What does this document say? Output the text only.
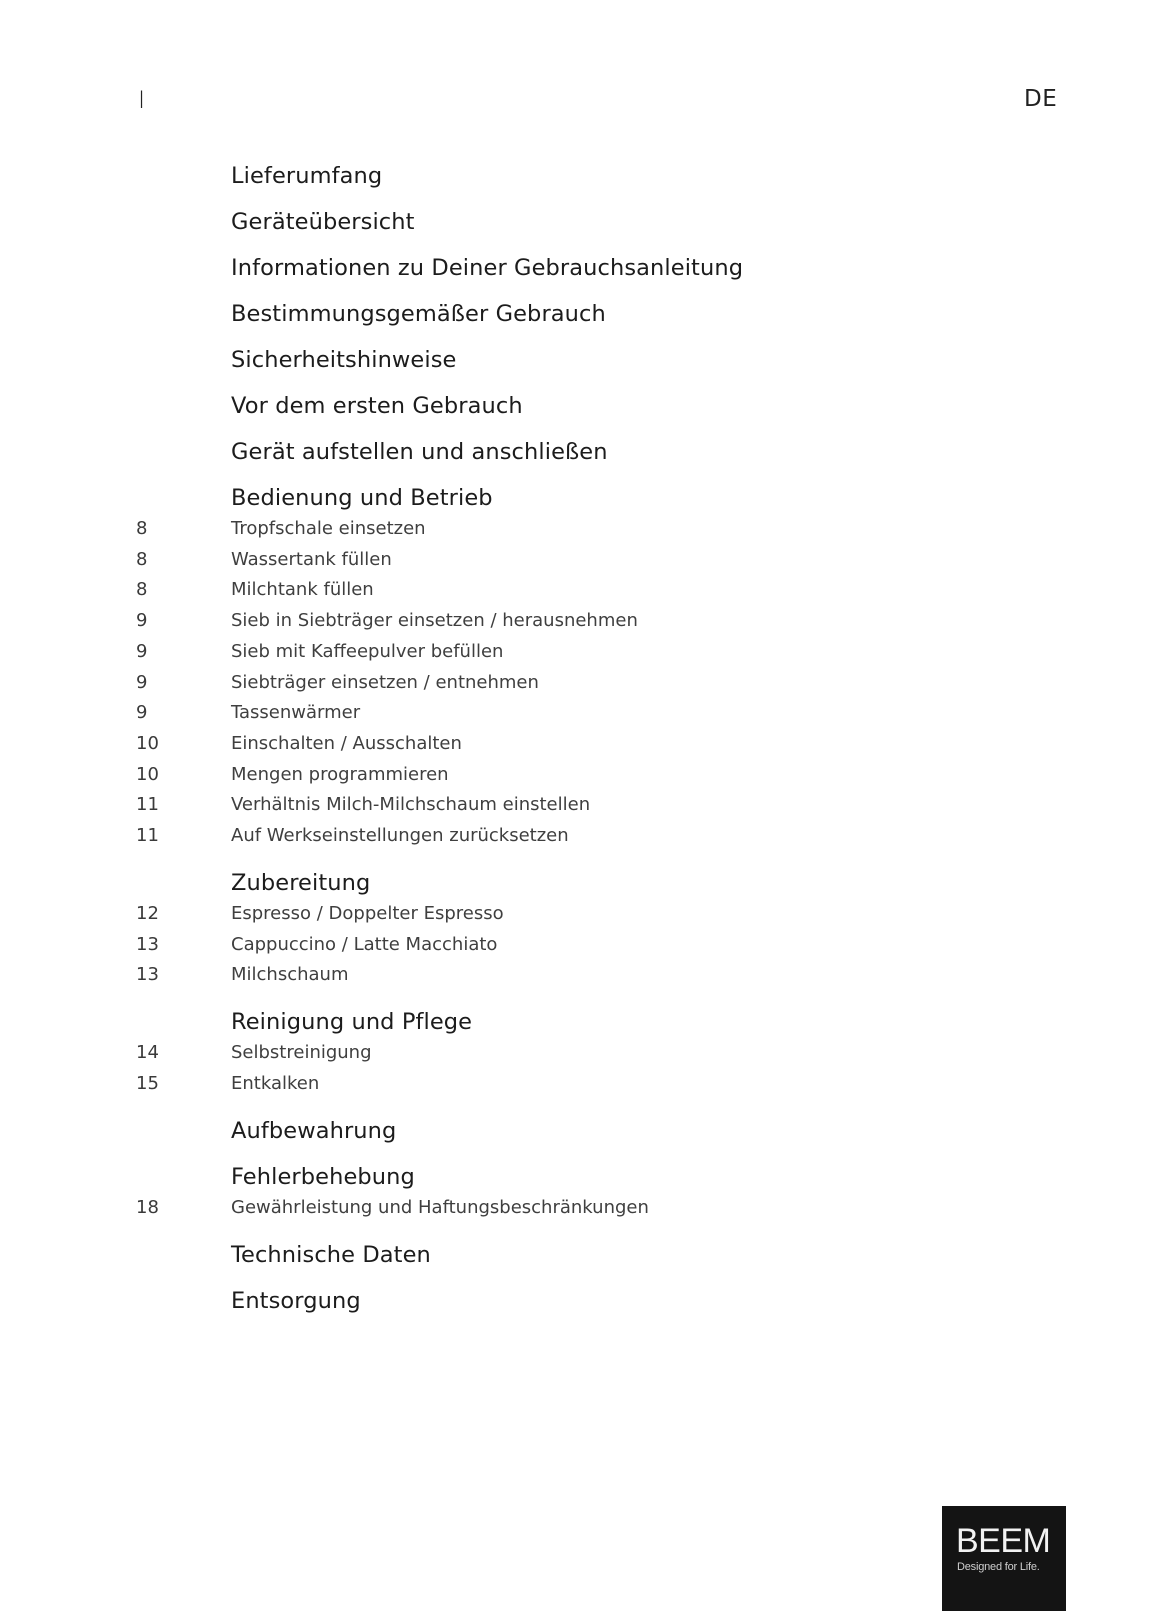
I	DE
Lieferumfang
Geräteübersicht
Informationen zu Deiner Gebrauchsanleitung
Bestimmungsgemäßer Gebrauch
Sicherheitshinweise
Vor dem ersten Gebrauch
Gerät aufstellen und anschließen
Bedienung und Betrieb
8	Tropfschale einsetzen
8	Wassertank füllen
8	Milchtank füllen
9	Sieb in Siebträger einsetzen / herausnehmen
9	Sieb mit Kaffeepulver befüllen
9	Siebträger einsetzen / entnehmen
9	Tassenwärmer
10	Einschalten / Ausschalten
10	Mengen programmieren
11	Verhältnis Milch-Milchschaum einstellen
11	Auf Werkseinstellungen zurücksetzen
Zubereitung
12	Espresso / Doppelter Espresso
13	Cappuccino / Latte Macchiato
13	Milchschaum
Reinigung und Pflege
14	Selbstreinigung
15	Entkalken
Aufbewahrung
Fehlerbehebung
18	Gewährleistung und Haftungsbeschränkungen
Technische Daten
Entsorgung
BEEM
Designed for Life.
